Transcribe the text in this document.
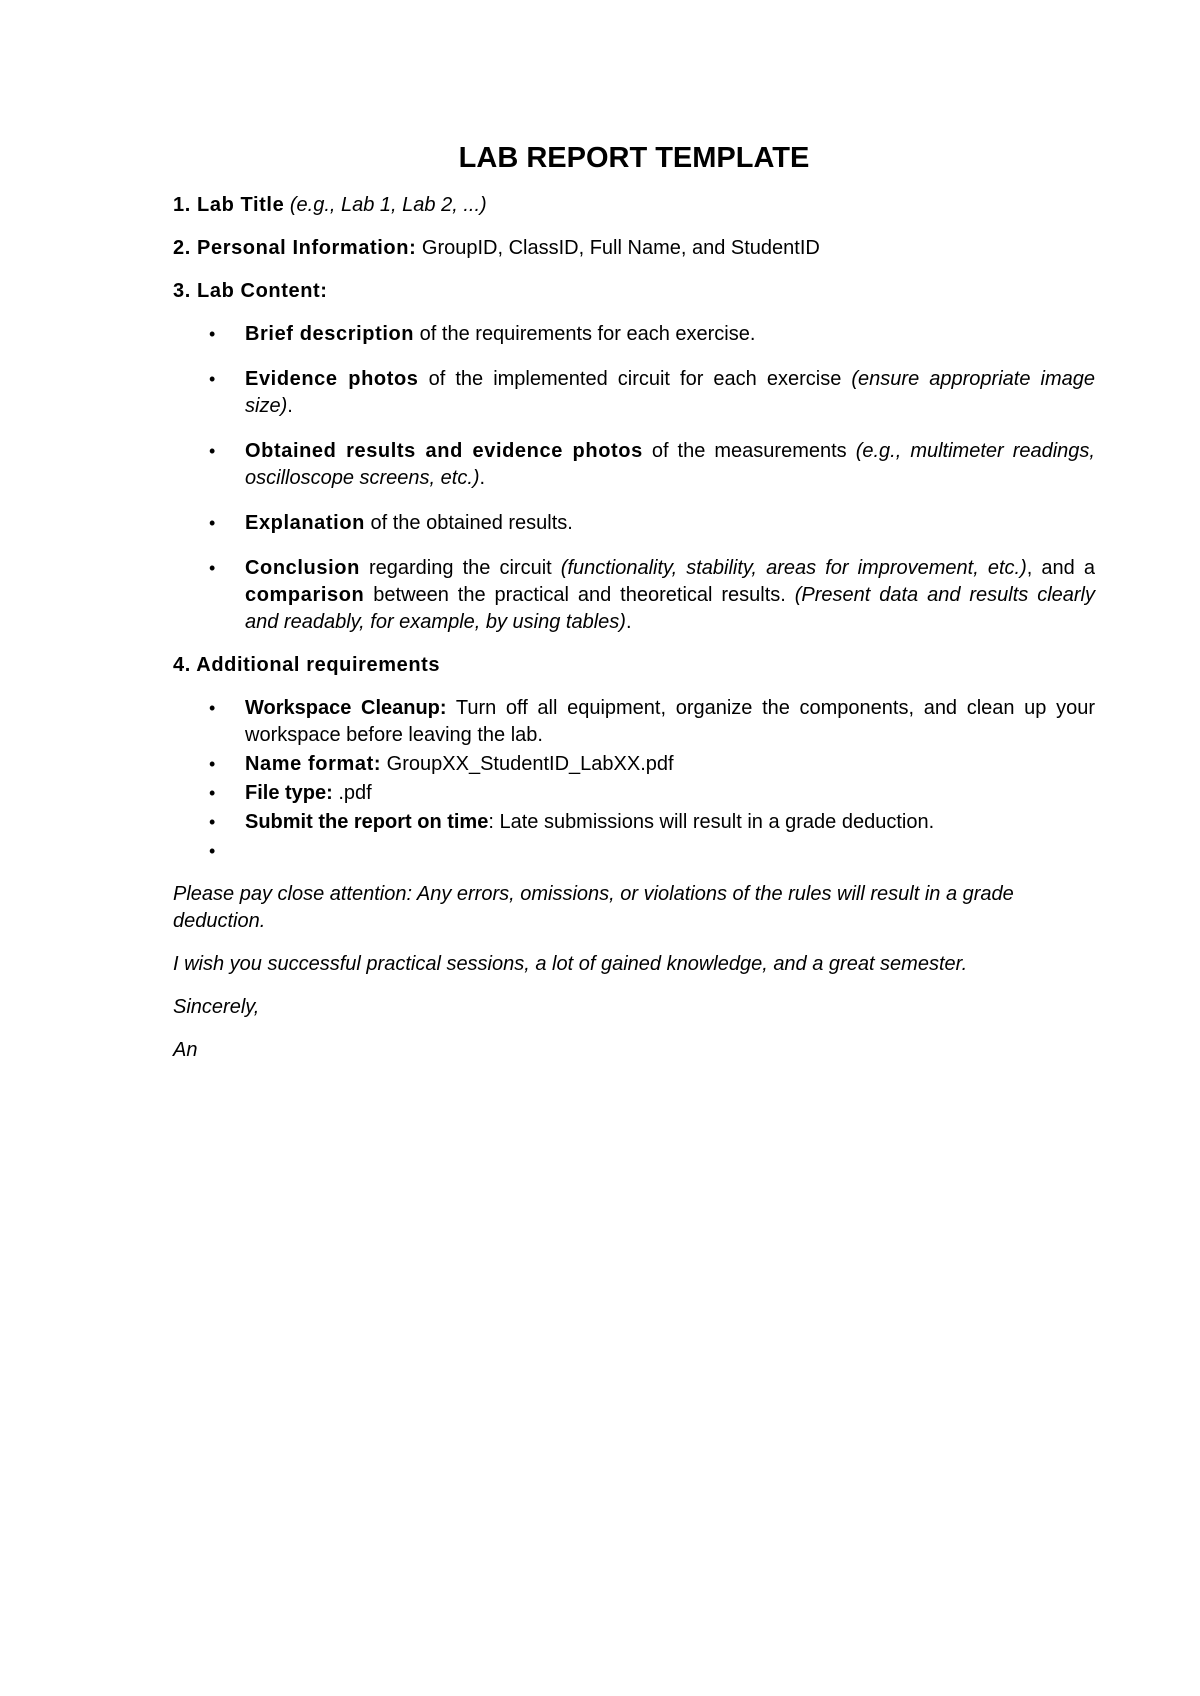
LAB REPORT TEMPLATE
1. Lab Title (e.g., Lab 1, Lab 2, ...)
2. Personal Information: GroupID, ClassID, Full Name, and StudentID
3. Lab Content:
• Brief description of the requirements for each exercise.
• Evidence photos of the implemented circuit for each exercise (ensure appropriate image size).
• Obtained results and evidence photos of the measurements (e.g., multimeter readings, oscilloscope screens, etc.).
• Explanation of the obtained results.
• Conclusion regarding the circuit (functionality, stability, areas for improvement, etc.), and a comparison between the practical and theoretical results. (Present data and results clearly and readably, for example, by using tables).
4. Additional requirements
• Workspace Cleanup: Turn off all equipment, organize the components, and clean up your workspace before leaving the lab.
• Name format: GroupXX_StudentID_LabXX.pdf
• File type: .pdf
• Submit the report on time: Late submissions will result in a grade deduction.
•
Please pay close attention: Any errors, omissions, or violations of the rules will result in a grade deduction.
I wish you successful practical sessions, a lot of gained knowledge, and a great semester.
Sincerely,
An
